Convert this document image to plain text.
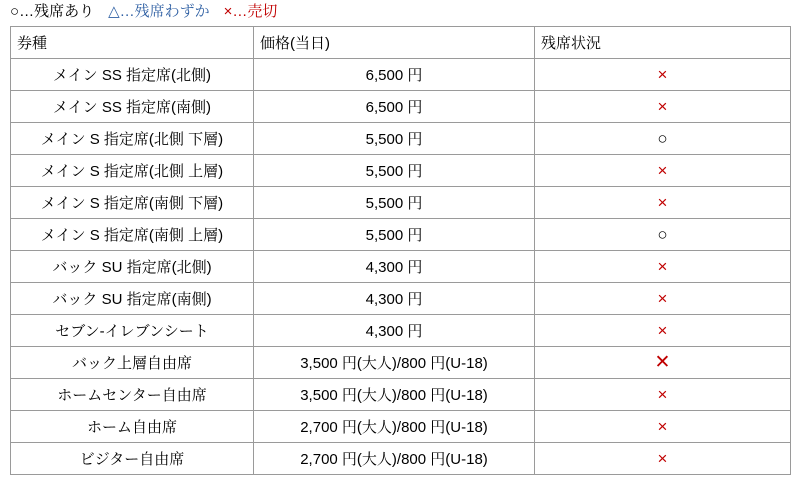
○…残席あり △…残席わずか ×…売切
券種	価格(当日)	残席状況
メイン SS 指定席(北側)	6,500 円	×
メイン SS 指定席(南側)	6,500 円	×
メイン S 指定席(北側 下層)	5,500 円	○
メイン S 指定席(北側 上層)	5,500 円	×
メイン S 指定席(南側 下層)	5,500 円	×
メイン S 指定席(南側 上層)	5,500 円	○
バック SU 指定席(北側)	4,300 円	×
バック SU 指定席(南側)	4,300 円	×
セブン-イレブンシート	4,300 円	×
バック上層自由席	3,500 円(大人)/800 円(U-18)	✕
ホームセンター自由席	3,500 円(大人)/800 円(U-18)	×
ホーム自由席	2,700 円(大人)/800 円(U-18)	×
ビジター自由席	2,700 円(大人)/800 円(U-18)	×
